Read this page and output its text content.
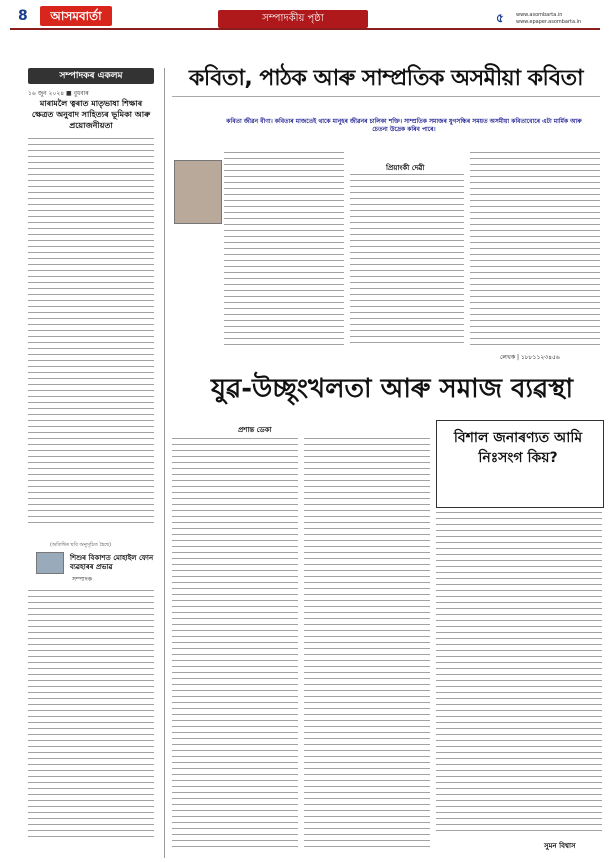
8	আসমবার্তা	সম্পাদকীয় পৃষ্ঠা	৫ www.asombarta.in
www.epaper.asombarta.in
সম্পাদকৰ একলম
১৬ জুন ২০২৪ ■ বুধবাৰ
মাৰামলৈ ত্বৰাত মাতৃভাষা শিক্ষাৰ ক্ষেত্ৰত অনুবাদ সাহিত্যৰ ভূমিকা আৰু প্ৰয়োজনীয়তা
(অতিথিৰ ছবি অনুসূচিত হৈছে)
শিশুৰ বিকাশত মোহাইল ফোন ব্যৱহাৰৰ প্ৰভাৱ
সম্পাদক
কবিতা, পাঠক আৰু সাম্প্ৰতিক অসমীয়া কবিতা
কবিতা জীৱন বীণা। কবিতাৰ মাজতেই থাকে মানুহৰ জীৱনৰ চালিকা শক্তি। সাম্প্ৰতিক সমাজৰ যুগসন্ধিৰ সময়ত অসমীয়া কবিতাবোৰে এটা মাৰ্মিক আৰু চেতনা উদ্ৰেক কৰিব পাৰে।
প্ৰিয়াংকী দেৱী
লেখক | ১৮৮১১২৩৪৫৬
যুৱ-উচ্ছৃংখলতা আৰু সমাজ ব্যৱস্থা
প্ৰশান্ত ডেকা	বিশাল জনাৰণ্যত আমি নিঃসংগ কিয়?
সুমন বিশ্বাস
